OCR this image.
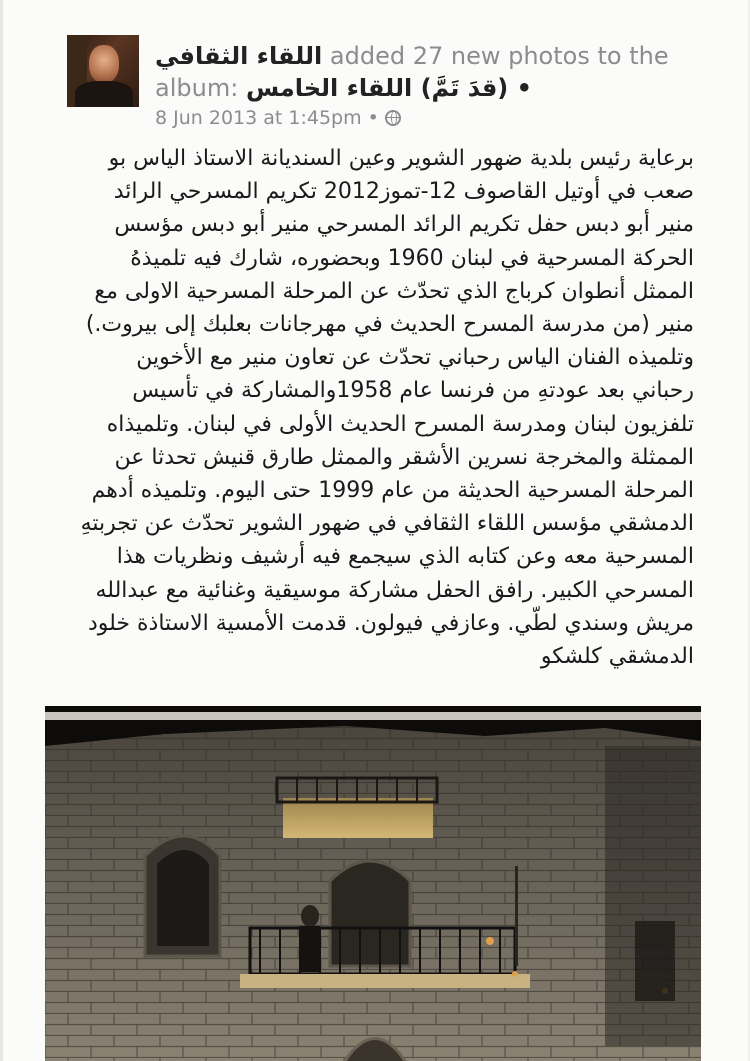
اللقاء الثقافي added 27 new photos to the
album: • (قدَ تَمَّ) اللقاء الخامس
8 Jun 2013 at 1:45pm •
برعاية رئيس بلدية ضهور الشوير وعين السنديانة الاستاذ الياس بو
صعب في أوتيل القاصوف 12-تموز2012 تكريم المسرحي الرائد
منير أبو دبس حفل تكريم الرائد المسرحي منير أبو دبس مؤسس
الحركة المسرحية في لبنان 1960 وبحضوره، شارك فيه تلميذهُ
الممثل أنطوان كرباج الذي تحدّث عن المرحلة المسرحية الاولى مع
منير (من مدرسة المسرح الحديث في مهرجانات بعلبك إلى بيروت.)
وتلميذه الفنان الياس رحباني تحدّث عن تعاون منير مع الأخوين
رحباني بعد عودتهِ من فرنسا عام 1958والمشاركة في تأسيس
تلفزيون لبنان ومدرسة المسرح الحديث الأولى في لبنان. وتلميذاه
الممثلة والمخرجة نسرين الأشقر والممثل طارق قنيش تحدثا عن
المرحلة المسرحية الحديثة من عام 1999 حتى اليوم. وتلميذه أدهم
الدمشقي مؤسس اللقاء الثقافي في ضهور الشوير تحدّث عن تجربتهِ
المسرحية معه وعن كتابه الذي سيجمع فيه أرشيف ونظريات هذا
المسرحي الكبير. رافق الحفل مشاركة موسيقية وغنائية مع عبدالله
مريش وسندي لطّي. وعازفي فيولون. قدمت الأمسية الاستاذة خلود
الدمشقي كلشكو
